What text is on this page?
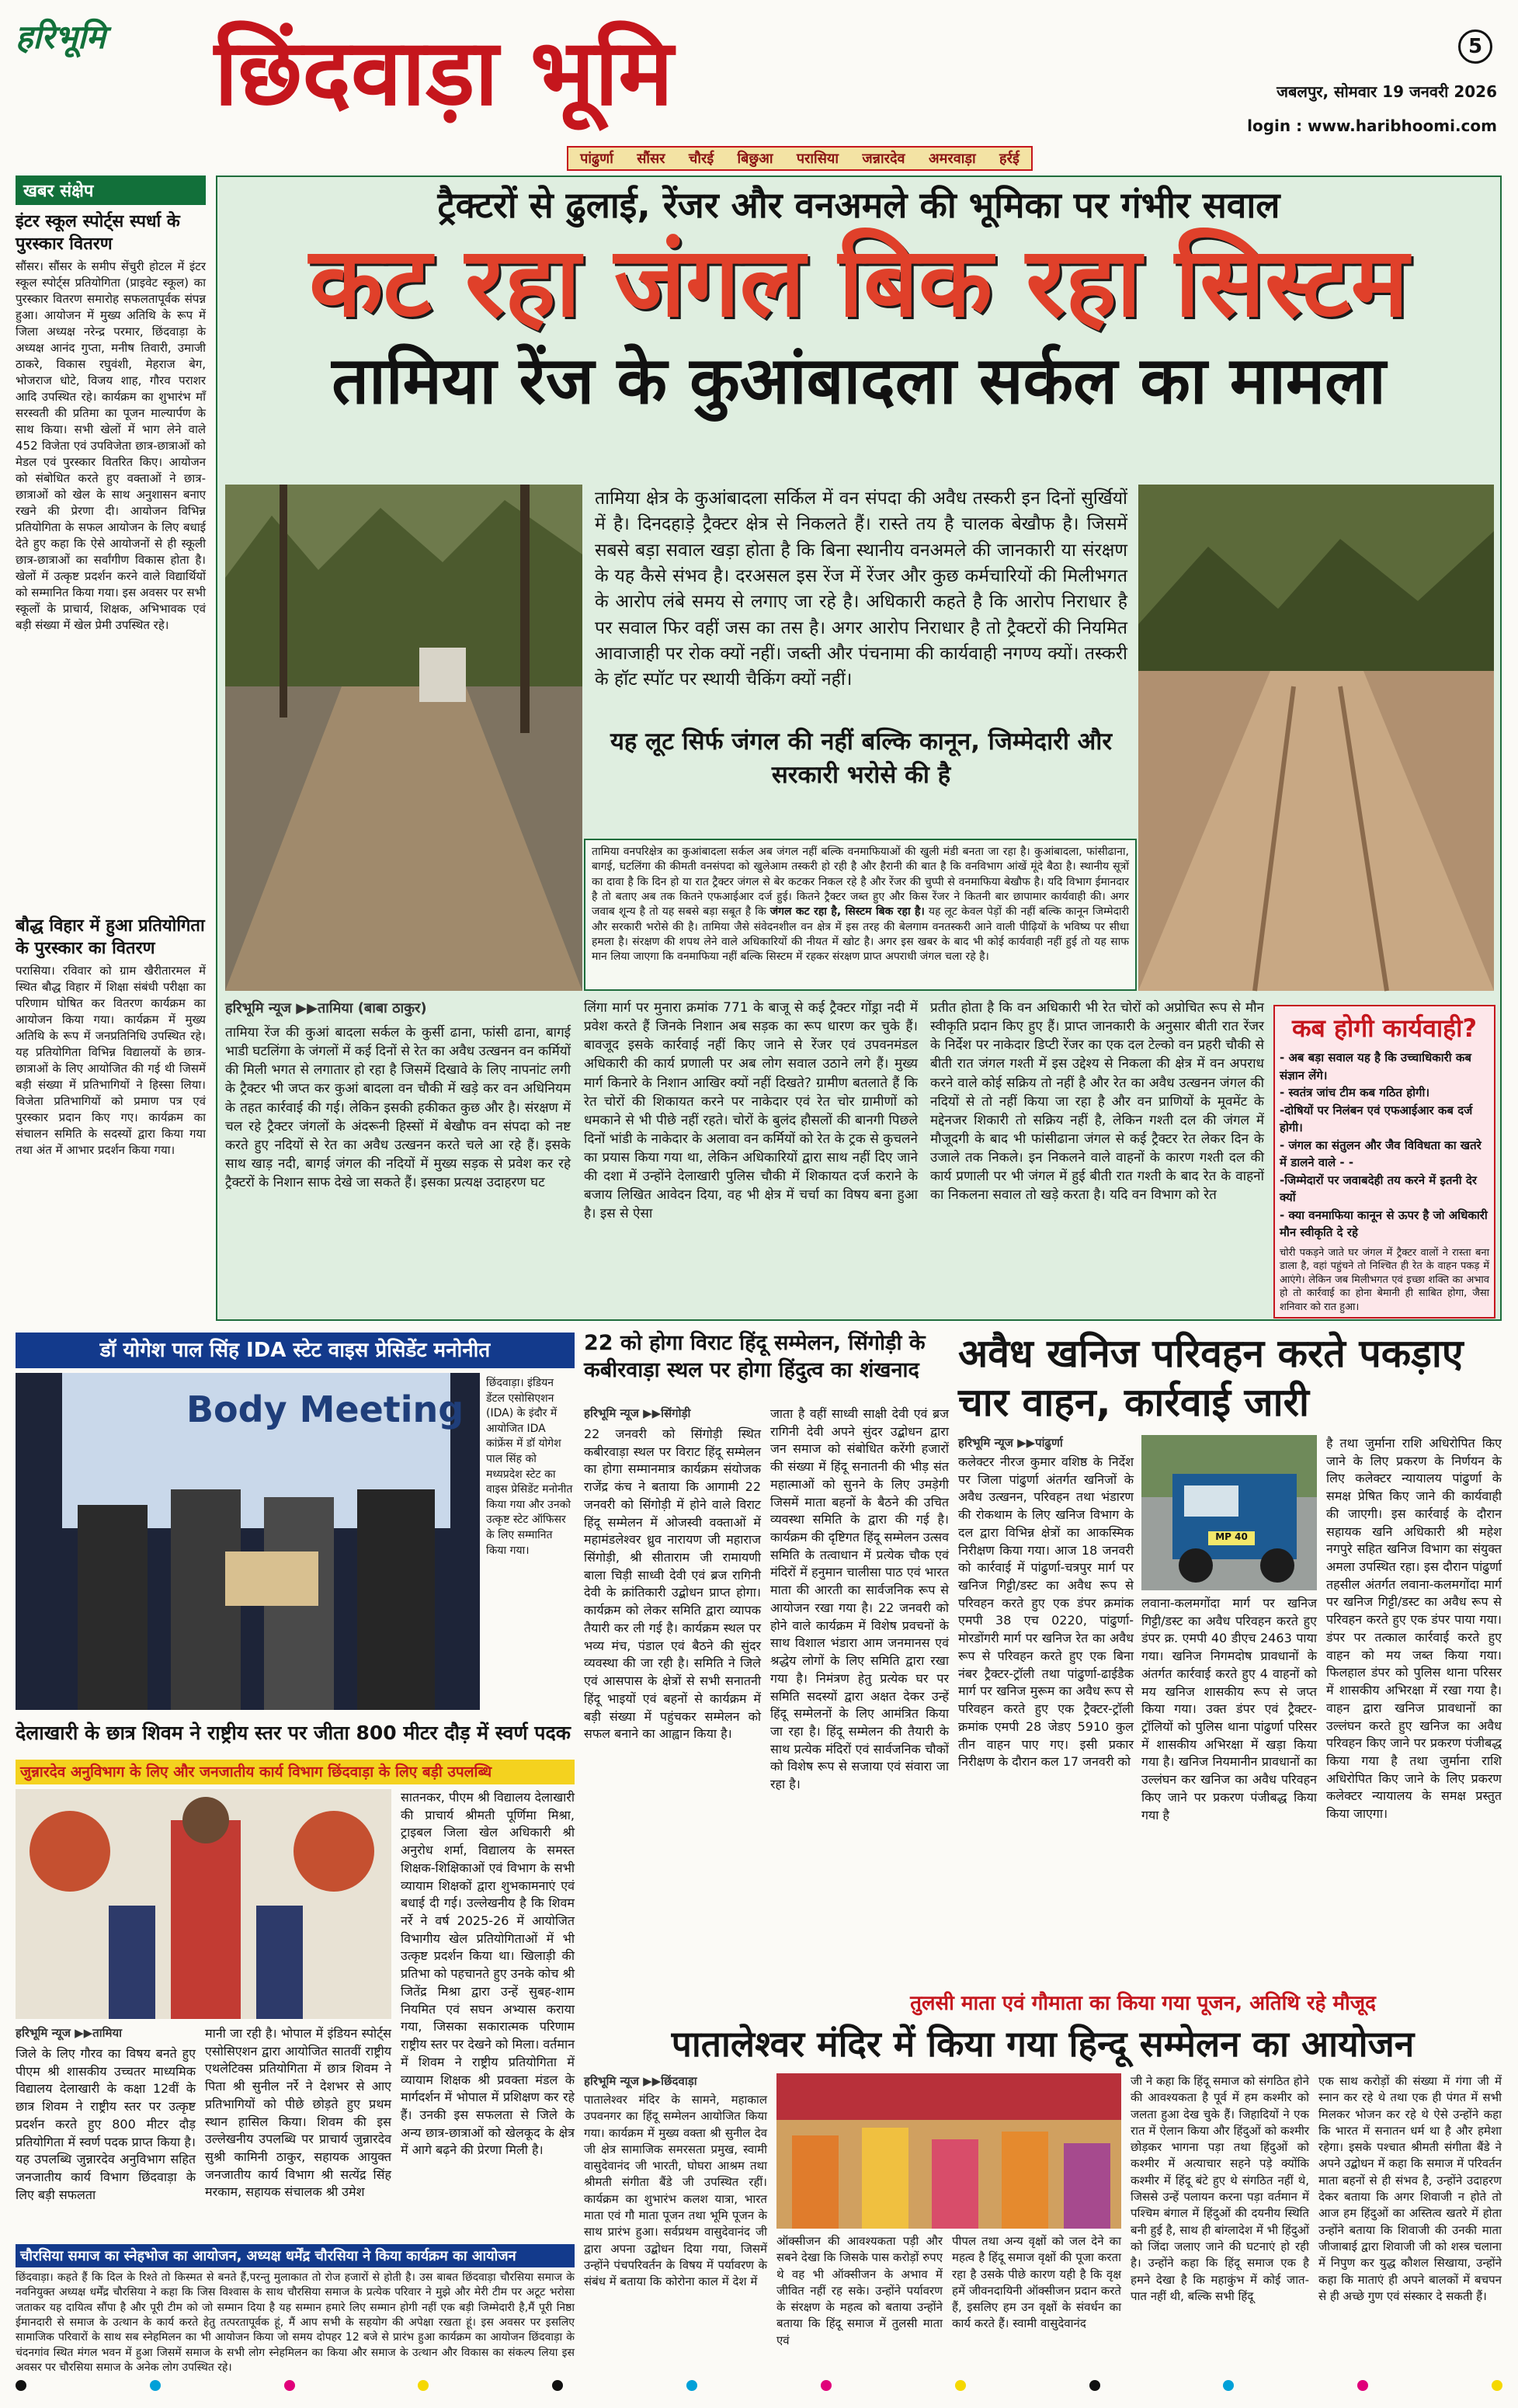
हरिभूमि	छिंदवाड़ा भूमि	5
जबलपुर, सोमवार 19 जनवरी 2026
login : www.haribhoomi.com
पांढुर्णा सौंसर चौरई बिछुआ परासिया जन्नारदेव अमरवाड़ा हर्रई
खबर संक्षेप
इंटर स्कूल स्पोर्ट्स स्पर्धा के पुरस्कार वितरण
सौंसर। सौंसर के समीप सेंचुरी होटल में इंटर स्कूल स्पोर्ट्स प्रतियोगिता (प्राइवेट स्कूल) का पुरस्कार वितरण समारोह सफलतापूर्वक संपन्न हुआ। आयोजन में मुख्य अतिथि के रूप में जिला अध्यक्ष नरेन्द्र परमार, छिंदवाड़ा के अध्यक्ष आनंद गुप्ता, मनीष तिवारी, उमाजी ठाकरे, विकास रघुवंशी, मेहराज बेग, भोजराज धोटे, विजय शाह, गौरव पराशर आदि उपस्थित रहे। कार्यक्रम का शुभारंभ माँ सरस्वती की प्रतिमा का पूजन माल्यार्पण के साथ किया। सभी खेलों में भाग लेने वाले 452 विजेता एवं उपविजेता छात्र-छात्राओं को मेडल एवं पुरस्कार वितरित किए। आयोजन को संबोधित करते हुए वक्ताओं ने छात्र-छात्राओं को खेल के साथ अनुशासन बनाए रखने की प्रेरणा दी। आयोजन विभिन्न प्रतियोगिता के सफल आयोजन के लिए बधाई देते हुए कहा कि ऐसे आयोजनों से ही स्कूली छात्र-छात्राओं का सर्वांगीण विकास होता है। खेलों में उत्कृष्ट प्रदर्शन करने वाले विद्यार्थियों को सम्मानित किया गया। इस अवसर पर सभी स्कूलों के प्राचार्य, शिक्षक, अभिभावक एवं बड़ी संख्या में खेल प्रेमी उपस्थित रहे।
बौद्ध विहार में हुआ प्रतियोगिता के पुरस्कार का वितरण
परासिया। रविवार को ग्राम खैरीतारमल में स्थित बौद्ध विहार में शिक्षा संबंधी परीक्षा का परिणाम घोषित कर वितरण कार्यक्रम का आयोजन किया गया। कार्यक्रम में मुख्य अतिथि के रूप में जनप्रतिनिधि उपस्थित रहे। यह प्रतियोगिता विभिन्न विद्यालयों के छात्र-छात्राओं के लिए आयोजित की गई थी जिसमें बड़ी संख्या में प्रतिभागियों ने हिस्सा लिया। विजेता प्रतिभागियों को प्रमाण पत्र एवं पुरस्कार प्रदान किए गए। कार्यक्रम का संचालन समिति के सदस्यों द्वारा किया गया तथा अंत में आभार प्रदर्शन किया गया।
ट्रैक्टरों से ढुलाई, रेंजर और वनअमले की भूमिका पर गंभीर सवाल
कट रहा जंगल बिक रहा सिस्टम
तामिया रेंज के कुआंबादला सर्कल का मामला
तामिया क्षेत्र के कुआंबादला सर्किल में वन संपदा की अवैध तस्करी इन दिनों सुर्खियों में है। दिनदहाड़े ट्रैक्टर क्षेत्र से निकलते हैं। रास्ते तय है चालक बेखौफ है। जिसमें सबसे बड़ा सवाल खड़ा होता है कि बिना स्थानीय वनअमले की जानकारी या संरक्षण के यह कैसे संभव है। दरअसल इस रेंज में रेंजर और कुछ कर्मचारियों की मिलीभगत के आरोप लंबे समय से लगाए जा रहे है। अधिकारी कहते है कि आरोप निराधार है पर सवाल फिर वहीं जस का तस है। अगर आरोप निराधार है तो ट्रैक्टरों की नियमित आवाजाही पर रोक क्यों नहीं। जब्ती और पंचनामा की कार्यवाही नगण्य क्यों। तस्करी के हॉट स्पॉट पर स्थायी चैकिंग क्यों नहीं।
यह लूट सिर्फ जंगल की नहीं बल्कि कानून, जिम्मेदारी और सरकारी भरोसे की है
तामिया वनपरिक्षेत्र का कुआंबादला सर्कल अब जंगल नहीं बल्कि वनमाफियाओं की खुली मंडी बनता जा रहा है। कुआंबादला, फांसीढाना, बागई, घटलिंगा की कीमती वनसंपदा को खुलेआम तस्करी हो रही है और हैरानी की बात है कि वनविभाग आंखें मूंदे बैठा है। स्थानीय सूत्रों का दावा है कि दिन हो या रात ट्रैक्टर जंगल से बेर कटकर निकल रहे है और रेंजर की चुप्पी से वनमाफिया बेखौफ है। यदि विभाग ईमानदार है तो बताए अब तक कितने एफआईआर दर्ज हुई। कितने ट्रैक्टर जब्त हुए और किस रेंजर ने कितनी बार छापामार कार्यवाही की। अगर जवाब शून्य है तो यह सबसे बड़ा सबूत है कि जंगल कट रहा है, सिस्टम बिक रहा है। यह लूट केवल पेड़ों की नहीं बल्कि कानून जिम्मेदारी और सरकारी भरोसे की है। तामिया जैसे संवेदनशील वन क्षेत्र में इस तरह की बेलगाम वनतस्करी आने वाली पीढ़ियों के भविष्य पर सीधा हमला है। संरक्षण की शपथ लेने वाले अधिकारियों की नीयत में खोट है। अगर इस खबर के बाद भी कोई कार्यवाही नहीं हुई तो यह साफ मान लिया जाएगा कि वनमाफिया नहीं बल्कि सिस्टम में रहकर संरक्षण प्राप्त अपराधी जंगल चला रहे है।
हरिभूमि न्यूज ▶▶तामिया (बाबा ठाकुर)
तामिया रेंज की कुआं बादला सर्कल के कुर्सी ढाना, फांसी ढाना, बागई भाडी घटलिंगा के जंगलों में कई दिनों से रेत का अवैध उत्खनन वन कर्मियों की मिली भगत से लगातार हो रहा है जिसमें दिखावे के लिए नापनांट लगी के ट्रैक्टर भी जप्त कर कुआं बादला वन चौकी में खड़े कर वन अधिनियम के तहत कार्रवाई की गई। लेकिन इसकी हकीकत कुछ और है। संरक्षण में चल रहे ट्रैक्टर जंगलों के अंदरूनी हिस्सों में बेखौफ वन संपदा को नष्ट करते हुए नदियों से रेत का अवैध उत्खनन करते चले आ रहे हैं। इसके साथ खाड़ नदी, बागई जंगल की नदियों में मुख्य सड़क से प्रवेश कर रहे ट्रैक्टरों के निशान साफ देखे जा सकते हैं। इसका प्रत्यक्ष उदाहरण घट
लिंगा मार्ग पर मुनारा क्रमांक 771 के बाजू से कई ट्रैक्टर गोंड्रा नदी में प्रवेश करते हैं जिनके निशान अब सड़क का रूप धारण कर चुके हैं। बावजूद इसके कार्रवाई नहीं किए जाने से रेंजर एवं उपवनमंडल अधिकारी की कार्य प्रणाली पर अब लोग सवाल उठाने लगे हैं। मुख्य मार्ग किनारे के निशान आखिर क्यों नहीं दिखते? ग्रामीण बतलाते हैं कि रेत चोरों की शिकायत करने पर नाकेदार एवं रेत चोर ग्रामीणों को धमकाने से भी पीछे नहीं रहते। चोरों के बुलंद हौसलों की बानगी पिछले दिनों भांडी के नाकेदार के अलावा वन कर्मियों को रेत के ट्रक से कुचलने का प्रयास किया गया था, लेकिन अधिकारियों द्वारा साथ नहीं दिए जाने की दशा में उन्होंने देलाखारी पुलिस चौकी में शिकायत दर्ज कराने के बजाय लिखित आवेदन दिया, वह भी क्षेत्र में चर्चा का विषय बना हुआ है। इस से ऐसा
प्रतीत होता है कि वन अधिकारी भी रेत चोरों को अप्रोचित रूप से मौन स्वीकृति प्रदान किए हुए हैं। प्राप्त जानकारी के अनुसार बीती रात रेंजर के निर्देश पर नाकेदार डिप्टी रेंजर का एक दल टेल्को वन प्रहरी चौकी से बीती रात जंगल गश्ती में इस उद्देश्य से निकला की क्षेत्र में वन अपराध करने वाले कोई सक्रिय तो नहीं है और रेत का अवैध उत्खनन जंगल की नदियों से तो नहीं किया जा रहा है और वन प्राणियों के मूवमेंट के मद्देनजर शिकारी तो सक्रिय नहीं है, लेकिन गश्ती दल की जंगल में मौजूदगी के बाद भी फांसीढाना जंगल से कई ट्रैक्टर रेत लेकर दिन के उजाले तक निकले। इन निकलने वाले वाहनों के कारण गश्ती दल की कार्य प्रणाली पर भी जंगल में हुई बीती रात गश्ती के बाद रेत के वाहनों का निकलना सवाल तो खड़े करता है। यदि वन विभाग को रेत
कब होगी कार्यवाही?
- अब बड़ा सवाल यह है कि उच्चाधिकारी कब संज्ञान लेंगे।
- स्वतंत्र जांच टीम कब गठित होगी।
-दोषियों पर निलंबन एवं एफआईआर कब दर्ज होगी।
- जंगल का संतुलन और जैव विविधता का खतरे में डालने वाले - -
-जिम्मेदारों पर जवाबदेही तय करने में इतनी देर क्यों
- क्या वनमाफिया कानून से ऊपर है जो अधिकारी मौन स्वीकृति दे रहे
चोरी पकड़ने जाते घर जंगल में ट्रैक्टर वालों ने रास्ता बना डाला है, वहां पहुंचने तो निश्चित ही रेत के वाहन पकड़ में आएंगे। लेकिन जब मिलीभगत एवं इच्छा शक्ति का अभाव हो तो कार्रवाई का होना बेमानी ही साबित होगा, जैसा शनिवार को रात हुआ।
डॉ योगेश पाल सिंह IDA स्टेट वाइस प्रेसिडेंट मनोनीत
Body Meeting
छिंदवाड़ा। इंडियन डेंटल एसोसिएशन (IDA) के इंदौर में आयोजित IDA कांफ्रेंस में डॉ योगेश पाल सिंह को मध्यप्रदेश स्टेट का वाइस प्रेसिडेंट मनोनीत किया गया और उनको उत्कृष्ट स्टेट ऑफिसर के लिए सम्मानित किया गया।
22 को होगा विराट हिंदू सम्मेलन, सिंगोड़ी के कबीरवाड़ा स्थल पर होगा हिंदुत्व का शंखनाद
हरिभूमि न्यूज ▶▶सिंगोड़ी
22 जनवरी को सिंगोड़ी स्थित कबीरवाड़ा स्थल पर विराट हिंदू सम्मेलन का होगा सम्मानमात्र कार्यक्रम संयोजक राजेंद्र कंच ने बताया कि आगामी 22 जनवरी को सिंगोड़ी में होने वाले विराट हिंदू सम्मेलन में ओजस्वी वक्ताओं में महामंडलेश्वर ध्रुव नारायण जी महाराज सिंगोड़ी, श्री सीताराम जी रामायणी बाला चिड़ी साध्वी देवी एवं ब्रज रागिनी देवी के क्रांतिकारी उद्बोधन प्राप्त होगा। कार्यक्रम को लेकर समिति द्वारा व्यापक तैयारी कर ली गई है। कार्यक्रम स्थल पर भव्य मंच, पंडाल एवं बैठने की सुंदर व्यवस्था की जा रही है। समिति ने जिले एवं आसपास के क्षेत्रों से सभी सनातनी हिंदू भाइयों एवं बहनों से कार्यक्रम में बड़ी संख्या में पहुंचकर सम्मेलन को सफल बनाने का आह्वान किया है।
जाता है वहीं साध्वी साक्षी देवी एवं ब्रज रागिनी देवी अपने सुंदर उद्बोधन द्वारा जन समाज को संबोधित करेंगी हजारों की संख्या में हिंदू सनातनी की भीड़ संत महात्माओं को सुनने के लिए उमड़ेगी जिसमें माता बहनों के बैठने की उचित व्यवस्था समिति के द्वारा की गई है। कार्यक्रम की दृष्टिगत हिंदू सम्मेलन उत्सव समिति के तत्वाधान में प्रत्येक चौक एवं मंदिरों में हनुमान चालीसा पाठ एवं भारत माता की आरती का सार्वजनिक रूप से आयोजन रखा गया है। 22 जनवरी को होने वाले कार्यक्रम में विशेष प्रवचनों के साथ विशाल भंडारा आम जनमानस एवं श्रद्धेय लोगों के लिए समिति द्वारा रखा गया है। निमंत्रण हेतु प्रत्येक घर पर समिति सदस्यों द्वारा अक्षत देकर उन्हें हिंदू सम्मेलनों के लिए आमंत्रित किया जा रहा है। हिंदू सम्मेलन की तैयारी के साथ प्रत्येक मंदिरों एवं सार्वजनिक चौकों को विशेष रूप से सजाया एवं संवारा जा रहा है।
अवैध खनिज परिवहन करते पकड़ाए चार वाहन, कार्रवाई जारी
हरिभूमि न्यूज ▶▶पांढुर्णा
कलेक्टर नीरज कुमार वशिष्ठ के निर्देश पर जिला पांढुर्णा अंतर्गत खनिजों के अवैध उत्खनन, परिवहन तथा भंडारण की रोकथाम के लिए खनिज विभाग के दल द्वारा विभिन्न क्षेत्रों का आकस्मिक निरीक्षण किया गया। आज 18 जनवरी को कार्रवाई में पांढुर्णा-चत्रपुर मार्ग पर खनिज गिट्टी/डस्ट का अवैध रूप से परिवहन करते हुए एक डंपर क्रमांक एमपी 38 एच 0220, पांढुर्णा-मोरडोंगरी मार्ग पर खनिज रेत का अवैध रूप से परिवहन करते हुए एक बिना नंबर ट्रैक्टर-ट्रॉली तथा पांढुर्णा-ढाईडैक मार्ग पर खनिज मुरूम का अवैध रूप से परिवहन करते हुए एक ट्रैक्टर-ट्रॉली क्रमांक एमपी 28 जेडए 5910 कुल तीन वाहन पाए गए। इसी प्रकार निरीक्षण के दौरान कल 17 जनवरी को
MP 40
लवाना-कलमगोंदा मार्ग पर खनिज गिट्टी/डस्ट का अवैध परिवहन करते हुए डंपर क्र. एमपी 40 डीएच 2463 पाया गया। खनिज निगमदोष प्रावधानों के अंतर्गत कार्रवाई करते हुए 4 वाहनों को मय खनिज शासकीय रूप से जप्त किया गया। उक्त डंपर एवं ट्रैक्टर-ट्रॉलियों को पुलिस थाना पांढुर्णा परिसर में शासकीय अभिरक्षा में खड़ा किया गया है। खनिज नियमानीन प्रावधानों का उल्लंघन कर खनिज का अवैध परिवहन किए जाने पर प्रकरण पंजीबद्ध किया गया है
है तथा जुर्माना राशि अधिरोपित किए जाने के लिए प्रकरण के निर्णयन के लिए कलेक्टर न्यायालय पांढुर्णा के समक्ष प्रेषित किए जाने की कार्यवाही की जाएगी। इस कार्रवाई के दौरान सहायक खनि अधिकारी श्री महेश नगपुरे सहित खनिज विभाग का संयुक्त अमला उपस्थित रहा। इस दौरान पांढुर्णा तहसील अंतर्गत लवाना-कलमगोंदा मार्ग पर खनिज गिट्टी/डस्ट का अवैध रूप से परिवहन करते हुए एक डंपर पाया गया। डंपर पर तत्काल कार्रवाई करते हुए वाहन को मय जब्त किया गया। फिलहाल डंपर को पुलिस थाना परिसर में शासकीय अभिरक्षा में रखा गया है। वाहन द्वारा खनिज प्रावधानों का उल्लंघन करते हुए खनिज का अवैध परिवहन किए जाने पर प्रकरण पंजीबद्ध किया गया है तथा जुर्माना राशि अधिरोपित किए जाने के लिए प्रकरण कलेक्टर न्यायालय के समक्ष प्रस्तुत किया जाएगा।
देलाखारी के छात्र शिवम ने राष्ट्रीय स्तर पर जीता 800 मीटर दौड़ में स्वर्ण पदक
जुन्नारदेव अनुविभाग के लिए और जनजातीय कार्य विभाग छिंदवाड़ा के लिए बड़ी उपलब्धि
सातनकर, पीएम श्री विद्यालय देलाखारी की प्राचार्य श्रीमती पूर्णिमा मिश्रा, ट्राइबल जिला खेल अधिकारी श्री अनुरोध शर्मा, विद्यालय के समस्त शिक्षक-शिक्षिकाओं एवं विभाग के सभी व्यायाम शिक्षकों द्वारा शुभकामनाएं एवं बधाई दी गई। उल्लेखनीय है कि शिवम नर्रे ने वर्ष 2025-26 में आयोजित विभागीय खेल प्रतियोगिताओं में भी उत्कृष्ट प्रदर्शन किया था। खिलाड़ी की प्रतिभा को पहचानते हुए उनके कोच श्री जितेंद्र मिश्रा द्वारा उन्हें सुबह-शाम नियमित एवं सघन अभ्यास कराया गया, जिसका सकारात्मक परिणाम राष्ट्रीय स्तर पर देखने को मिला। वर्तमान में शिवम ने राष्ट्रीय प्रतियोगिता में व्यायाम शिक्षक श्री प्रवक्ता मंडल के मार्गदर्शन में भोपाल में प्रशिक्षण कर रहे हैं। उनकी इस सफलता से जिले के अन्य छात्र-छात्राओं को खेलकूद के क्षेत्र में आगे बढ़ने की प्रेरणा मिली है।
हरिभूमि न्यूज ▶▶तामिया
जिले के लिए गौरव का विषय बनते हुए पीएम श्री शासकीय उच्चतर माध्यमिक विद्यालय देलाखारी के कक्षा 12वीं के छात्र शिवम ने राष्ट्रीय स्तर पर उत्कृष्ट प्रदर्शन करते हुए 800 मीटर दौड़ प्रतियोगिता में स्वर्ण पदक प्राप्त किया है। यह उपलब्धि जुन्नारदेव अनुविभाग सहित जनजातीय कार्य विभाग छिंदवाड़ा के लिए बड़ी सफलता
मानी जा रही है। भोपाल में इंडियन स्पोर्ट्स एसोसिएशन द्वारा आयोजित सातवीं राष्ट्रीय एथलेटिक्स प्रतियोगिता में छात्र शिवम ने पिता श्री सुनील नर्रे ने देशभर से आए प्रतिभागियों को पीछे छोड़ते हुए प्रथम स्थान हासिल किया। शिवम की इस उल्लेखनीय उपलब्धि पर प्राचार्य जुन्नारदेव सुश्री कामिनी ठाकुर, सहायक आयुक्त जनजातीय कार्य विभाग श्री सत्येंद्र सिंह मरकाम, सहायक संचालक श्री उमेश
तुलसी माता एवं गौमाता का किया गया पूजन, अतिथि रहे मौजूद
पातालेश्वर मंदिर में किया गया हिन्दू सम्मेलन का आयोजन
हरिभूमि न्यूज ▶▶छिंदवाड़ा
पातालेश्वर मंदिर के सामने, महाकाल उपवनगर का हिंदू सम्मेलन आयोजित किया गया। कार्यक्रम में मुख्य वक्ता श्री सुनील देव जी क्षेत्र सामाजिक समरसता प्रमुख, स्वामी वासुदेवानंद जी भारती, घोघरा आश्रम तथा श्रीमती संगीता बैंडे जी उपस्थित रहीं। कार्यक्रम का शुभारंभ कलश यात्रा, भारत माता एवं गौ माता पूजन तथा भूमि पूजन के साथ प्रारंभ हुआ। सर्वप्रथम वासुदेवानंद जी द्वारा अपना उद्बोधन दिया गया, जिसमें उन्होंने पंचपरिवर्तन के विषय में पर्यावरण के संबंध में बताया कि कोरोना काल में देश में
ऑक्सीजन की आवश्यकता पड़ी और सबने देखा कि जिसके पास करोड़ों रुपए थे वह भी ऑक्सीजन के अभाव में जीवित नहीं रह सके। उन्होंने पर्यावरण के संरक्षण के महत्व को बताया उन्होंने बताया कि हिंदू समाज में तुलसी माता एवं
पीपल तथा अन्य वृक्षों को जल देने का महत्व है हिंदू समाज वृक्षों की पूजा करता रहा है उसके पीछे कारण यही है कि वृक्ष हमें जीवनदायिनी ऑक्सीजन प्रदान करते हैं, इसलिए हम उन वृक्षों के संवर्धन का कार्य करते हैं। स्वामी वासुदेवानंद
जी ने कहा कि हिंदू समाज को संगठित होने की आवश्यकता है पूर्व में हम कश्मीर को जलता हुआ देख चुके हैं। जिहादियों ने एक रात में ऐलान किया और हिंदुओं को कश्मीर छोड़कर भागना पड़ा तथा हिंदुओं को कश्मीर में अत्याचार सहने पड़े क्योंकि कश्मीर में हिंदू बंटे हुए थे संगठित नहीं थे, जिससे उन्हें पलायन करना पड़ा वर्तमान में पश्चिम बंगाल में हिंदुओं की दयनीय स्थिति बनी हुई है, साथ ही बांग्लादेश में भी हिंदुओं को जिंदा जलाए जाने की घटनाएं हो रही है। उन्होंने कहा कि हिंदू समाज एक है हमने देखा है कि महाकुंभ में कोई जात-पात नहीं थी, बल्कि सभी हिंदू
एक साथ करोड़ों की संख्या में गंगा जी में स्नान कर रहे थे तथा एक ही पंगत में सभी मिलकर भोजन कर रहे थे ऐसे उन्होंने कहा कि भारत में सनातन धर्म था है और हमेशा रहेगा। इसके पश्चात श्रीमती संगीता बैंडे ने अपने उद्बोधन में कहा कि समाज में परिवर्तन माता बहनों से ही संभव है, उन्होंने उदाहरण देकर बताया कि अगर शिवाजी न होते तो आज हम हिंदुओं का अस्तित्व खतरे में होता उन्होंने बताया कि शिवाजी की उनकी माता जीजाबाई द्वारा शिवाजी जी को शस्त्र चलाना में निपुण कर युद्ध कौशल सिखाया, उन्होंने कहा कि माताएं ही अपने बालकों में बचपन से ही अच्छे गुण एवं संस्कार दे सकती हैं।
चौरसिया समाज का स्नेहभोज का आयोजन, अध्यक्ष धर्मेंद्र चौरसिया ने किया कार्यक्रम का आयोजन
छिंदवाड़ा। कहते हैं कि दिल के रिश्ते तो किस्मत से बनते हैं,परन्तु मुलाकात तो रोज हजारों से होती है। उस बाबत छिंदवाड़ा चौरसिया समाज के नवनियुक्त अध्यक्ष धर्मेंद्र चौरसिया ने कहा कि जिस विश्वास के साथ चौरसिया समाज के प्रत्येक परिवार ने मुझे और मेरी टीम पर अटूट भरोसा जताकर यह दायित्व सौंपा है और पूरी टीम को जो सम्मान दिया है यह सम्मान हमारे लिए सम्मान होगी नहीं एक बड़ी जिम्मेदारी है,मैं पूरी निष्ठा ईमानदारी से समाज के उत्थान के कार्य करते हेतु तत्परतापूर्वक हूं, मैं आप सभी के सहयोग की अपेक्षा रखता हूं। इस अवसर पर इसलिए सामाजिक परिवारों के साथ सब स्नेहमिलन का भी आयोजन किया जो समय दोपहर 12 बजे से प्रारंभ हुआ कार्यक्रम का आयोजन छिंदवाड़ा के चंदनगांव स्थित मंगल भवन में हुआ जिसमें समाज के सभी लोग स्नेहमिलन का किया और समाज के उत्थान और विकास का संकल्प लिया इस अवसर पर चौरसिया समाज के अनेक लोग उपस्थित रहे।
